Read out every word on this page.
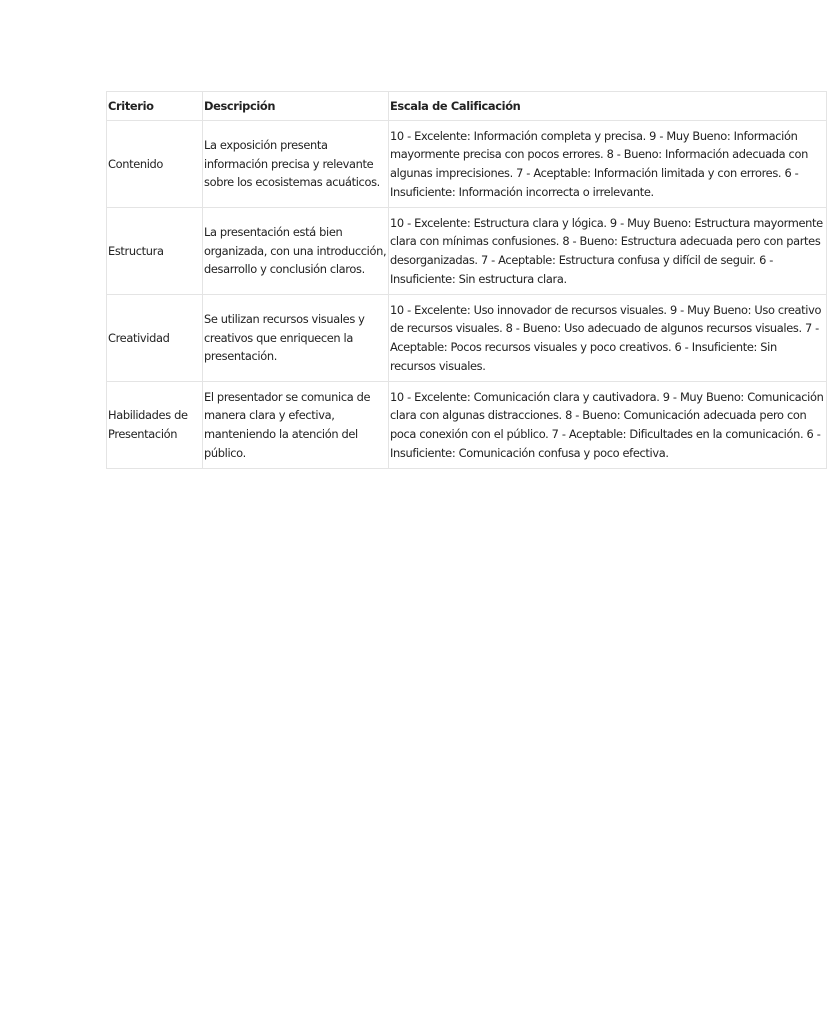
Criterio	Descripción	Escala de Calificación
Contenido	La exposición presenta información precisa y relevante sobre los ecosistemas acuáticos.	10 - Excelente: Información completa y precisa. 9 - Muy Bueno: Información mayormente precisa con pocos errores. 8 - Bueno: Información adecuada con algunas imprecisiones. 7 - Aceptable: Información limitada y con errores. 6 - Insuficiente: Información incorrecta o irrelevante.
Estructura	La presentación está bien organizada, con una introducción, desarrollo y conclusión claros.	10 - Excelente: Estructura clara y lógica. 9 - Muy Bueno: Estructura mayormente clara con mínimas confusiones. 8 - Bueno: Estructura adecuada pero con partes desorganizadas. 7 - Aceptable: Estructura confusa y difícil de seguir. 6 - Insuficiente: Sin estructura clara.
Creatividad	Se utilizan recursos visuales y creativos que enriquecen la presentación.	10 - Excelente: Uso innovador de recursos visuales. 9 - Muy Bueno: Uso creativo de recursos visuales. 8 - Bueno: Uso adecuado de algunos recursos visuales. 7 - Aceptable: Pocos recursos visuales y poco creativos. 6 - Insuficiente: Sin recursos visuales.
Habilidades de Presentación	El presentador se comunica de manera clara y efectiva, manteniendo la atención del público.	10 - Excelente: Comunicación clara y cautivadora. 9 - Muy Bueno: Comunicación clara con algunas distracciones. 8 - Bueno: Comunicación adecuada pero con poca conexión con el público. 7 - Aceptable: Dificultades en la comunicación. 6 - Insuficiente: Comunicación confusa y poco efectiva.
